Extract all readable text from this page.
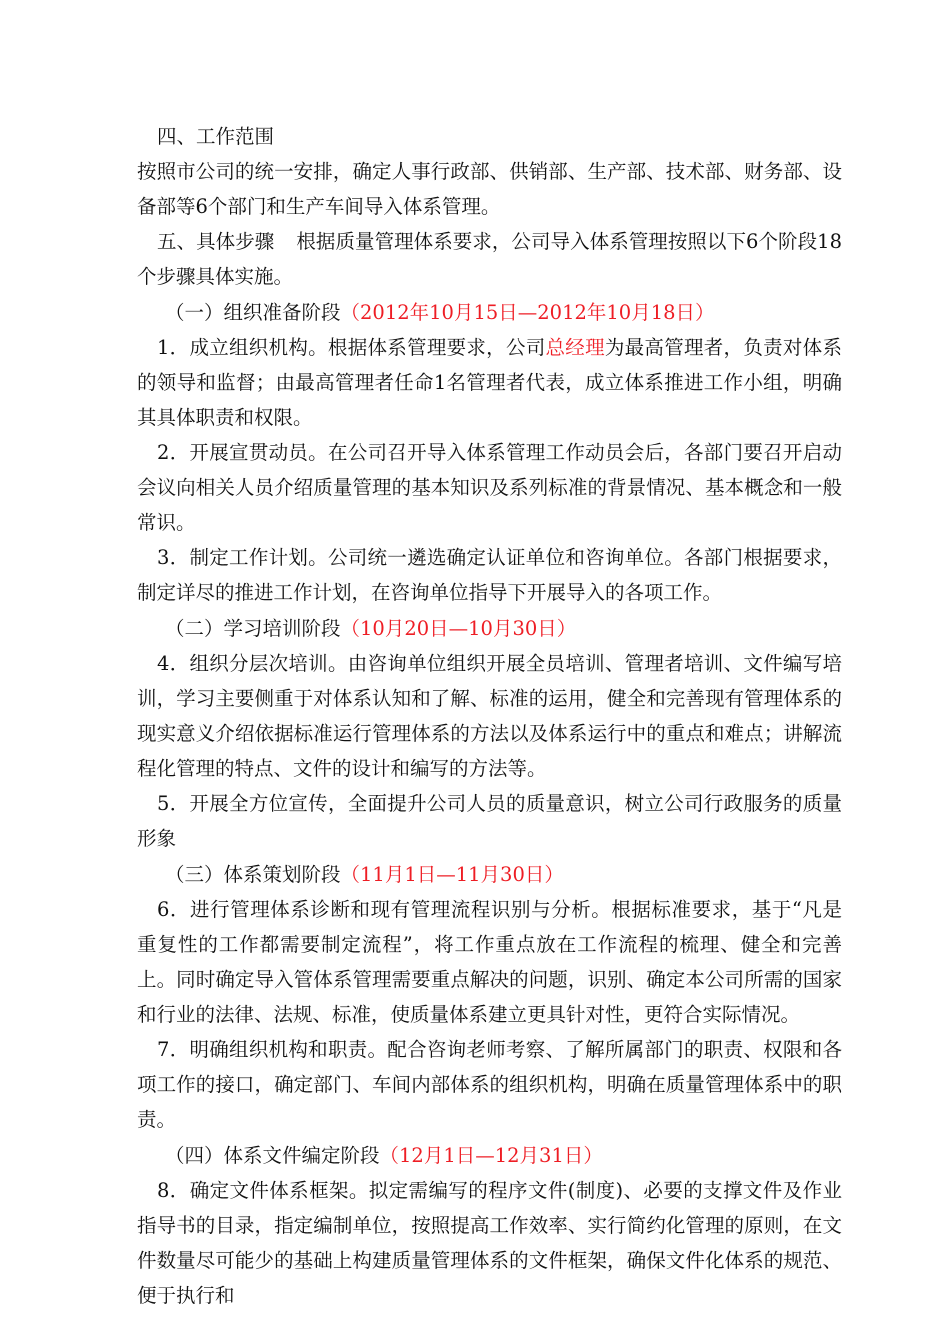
四、工作范围

按照市公司的统一安排，确定人事行政部、供销部、生产部、技术部、财务部、设备部等6个部门和生产车间导入体系管理。

五、具体步骤 根据质量管理体系要求，公司导入体系管理按照以下6个阶段18个步骤具体实施。

（一）组织准备阶段（2012年10月15日—2012年10月18日）

1．成立组织机构。根据体系管理要求，公司总经理为最高管理者，负责对体系的领导和监督；由最高管理者任命1名管理者代表，成立体系推进工作小组，明确其具体职责和权限。

2．开展宣贯动员。在公司召开导入体系管理工作动员会后，各部门要召开启动会议向相关人员介绍质量管理的基本知识及系列标准的背景情况、基本概念和一般常识。

3．制定工作计划。公司统一遴选确定认证单位和咨询单位。各部门根据要求，制定详尽的推进工作计划，在咨询单位指导下开展导入的各项工作。

（二）学习培训阶段（10月20日—10月30日）

4．组织分层次培训。由咨询单位组织开展全员培训、管理者培训、文件编写培训，学习主要侧重于对体系认知和了解、标准的运用，健全和完善现有管理体系的现实意义介绍依据标准运行管理体系的方法以及体系运行中的重点和难点；讲解流程化管理的特点、文件的设计和编写的方法等。

5．开展全方位宣传，全面提升公司人员的质量意识，树立公司行政服务的质量形象

（三）体系策划阶段（11月1日—11月30日）

6．进行管理体系诊断和现有管理流程识别与分析。根据标准要求，基于“凡是重复性的工作都需要制定流程”，将工作重点放在工作流程的梳理、健全和完善上。同时确定导入管体系管理需要重点解决的问题，识别、确定本公司所需的国家和行业的法律、法规、标准，使质量体系建立更具针对性，更符合实际情况。

7．明确组织机构和职责。配合咨询老师考察、了解所属部门的职责、权限和各项工作的接口，确定部门、车间内部体系的组织机构，明确在质量管理体系中的职责。

（四）体系文件编定阶段（12月1日—12月31日）

8．确定文件体系框架。拟定需编写的程序文件(制度)、必要的支撑文件及作业指导书的目录，指定编制单位，按照提高工作效率、实行简约化管理的原则，在文件数量尽可能少的基础上构建质量管理体系的文件框架，确保文件化体系的规范、便于执行和
